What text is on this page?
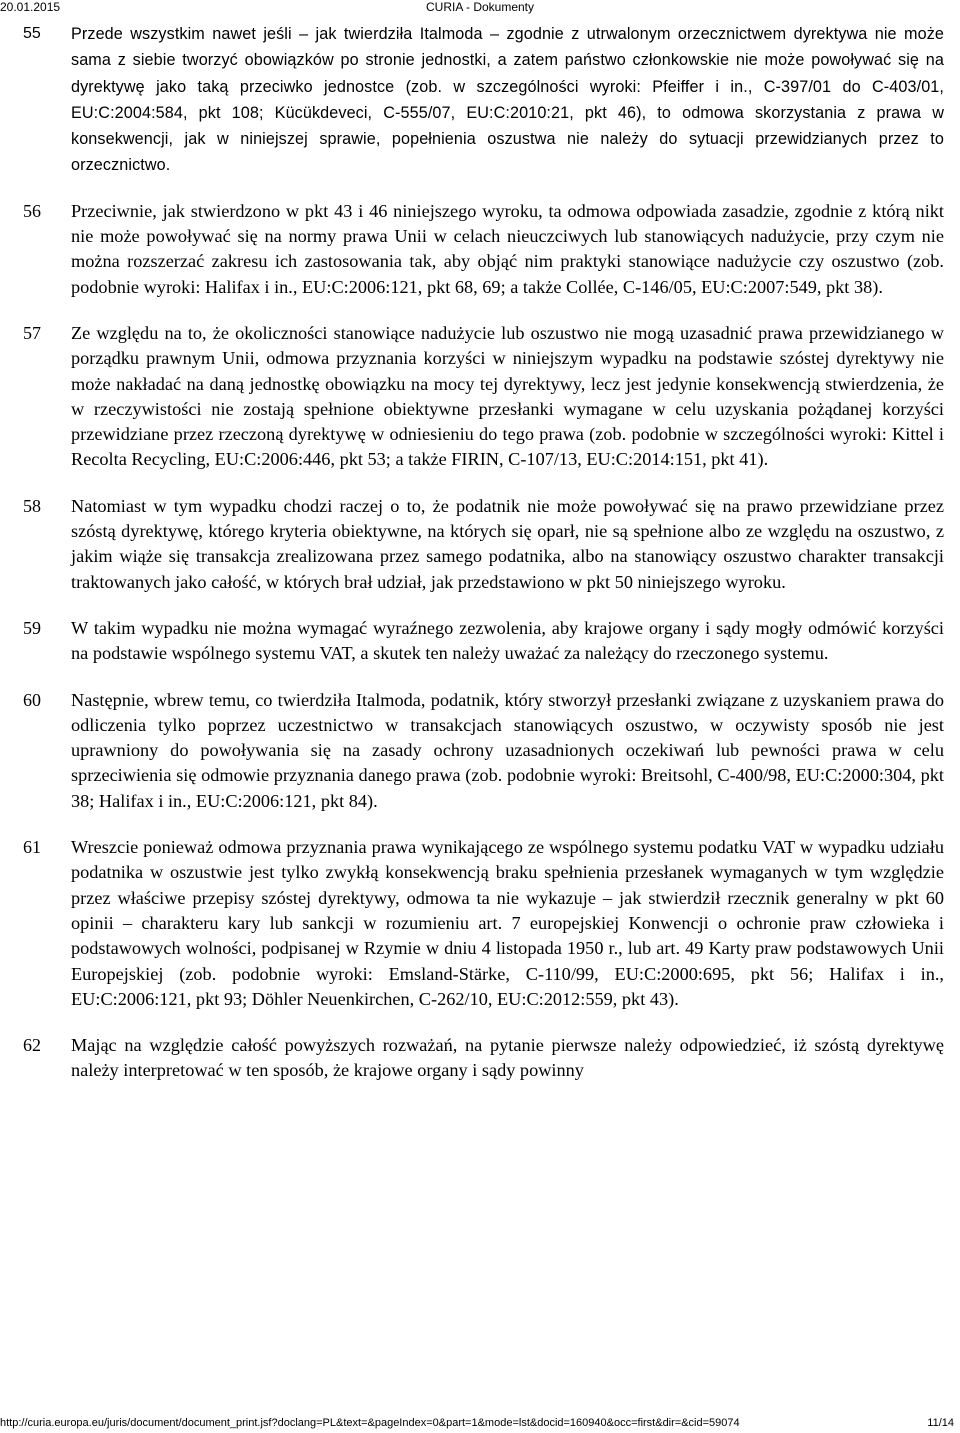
20.01.2015	CURIA - Dokumenty
55 Przede wszystkim nawet jeśli – jak twierdziła Italmoda – zgodnie z utrwalonym orzecznictwem dyrektywa nie może sama z siebie tworzyć obowiązków po stronie jednostki, a zatem państwo członkowskie nie może powoływać się na dyrektywę jako taką przeciwko jednostce (zob. w szczególności wyroki: Pfeiffer i in., C‑397/01 do C‑403/01, EU:C:2004:584, pkt 108; Kücükdeveci, C‑555/07, EU:C:2010:21, pkt 46), to odmowa skorzystania z prawa w konsekwencji, jak w niniejszej sprawie, popełnienia oszustwa nie należy do sytuacji przewidzianych przez to orzecznictwo.
56 Przeciwnie, jak stwierdzono w pkt 43 i 46 niniejszego wyroku, ta odmowa odpowiada zasadzie, zgodnie z którą nikt nie może powoływać się na normy prawa Unii w celach nieuczciwych lub stanowiących nadużycie, przy czym nie można rozszerzać zakresu ich zastosowania tak, aby objąć nim praktyki stanowiące nadużycie czy oszustwo (zob. podobnie wyroki: Halifax i in., EU:C:2006:121, pkt 68, 69; a także Collée, C‑146/05, EU:C:2007:549, pkt 38).
57 Ze względu na to, że okoliczności stanowiące nadużycie lub oszustwo nie mogą uzasadnić prawa przewidzianego w porządku prawnym Unii, odmowa przyznania korzyści w niniejszym wypadku na podstawie szóstej dyrektywy nie może nakładać na daną jednostkę obowiązku na mocy tej dyrektywy, lecz jest jedynie konsekwencją stwierdzenia, że w rzeczywistości nie zostają spełnione obiektywne przesłanki wymagane w celu uzyskania pożądanej korzyści przewidziane przez rzeczoną dyrektywę w odniesieniu do tego prawa (zob. podobnie w szczególności wyroki: Kittel i Recolta Recycling, EU:C:2006:446, pkt 53; a także FIRIN, C‑107/13, EU:C:2014:151, pkt 41).
58 Natomiast w tym wypadku chodzi raczej o to, że podatnik nie może powoływać się na prawo przewidziane przez szóstą dyrektywę, którego kryteria obiektywne, na których się oparł, nie są spełnione albo ze względu na oszustwo, z jakim wiąże się transakcja zrealizowana przez samego podatnika, albo na stanowiący oszustwo charakter transakcji traktowanych jako całość, w których brał udział, jak przedstawiono w pkt 50 niniejszego wyroku.
59 W takim wypadku nie można wymagać wyraźnego zezwolenia, aby krajowe organy i sądy mogły odmówić korzyści na podstawie wspólnego systemu VAT, a skutek ten należy uważać za należący do rzeczonego systemu.
60 Następnie, wbrew temu, co twierdziła Italmoda, podatnik, który stworzył przesłanki związane z uzyskaniem prawa do odliczenia tylko poprzez uczestnictwo w transakcjach stanowiących oszustwo, w oczywisty sposób nie jest uprawniony do powoływania się na zasady ochrony uzasadnionych oczekiwań lub pewności prawa w celu sprzeciwienia się odmowie przyznania danego prawa (zob. podobnie wyroki: Breitsohl, C‑400/98, EU:C:2000:304, pkt 38; Halifax i in., EU:C:2006:121, pkt 84).
61 Wreszcie ponieważ odmowa przyznania prawa wynikającego ze wspólnego systemu podatku VAT w wypadku udziału podatnika w oszustwie jest tylko zwykłą konsekwencją braku spełnienia przesłanek wymaganych w tym względzie przez właściwe przepisy szóstej dyrektywy, odmowa ta nie wykazuje – jak stwierdził rzecznik generalny w pkt 60 opinii – charakteru kary lub sankcji w rozumieniu art. 7 europejskiej Konwencji o ochronie praw człowieka i podstawowych wolności, podpisanej w Rzymie w dniu 4 listopada 1950 r., lub art. 49 Karty praw podstawowych Unii Europejskiej (zob. podobnie wyroki: Emsland-Stärke, C‑110/99, EU:C:2000:695, pkt 56; Halifax i in., EU:C:2006:121, pkt 93; Döhler Neuenkirchen, C‑262/10, EU:C:2012:559, pkt 43).
62 Mając na względzie całość powyższych rozważań, na pytanie pierwsze należy odpowiedzieć, iż szóstą dyrektywę należy interpretować w ten sposób, że krajowe organy i sądy powinny
http://curia.europa.eu/juris/document/document_print.jsf?doclang=PL&text=&pageIndex=0&part=1&mode=lst&docid=160940&occ=first&dir=&cid=59074	11/14
